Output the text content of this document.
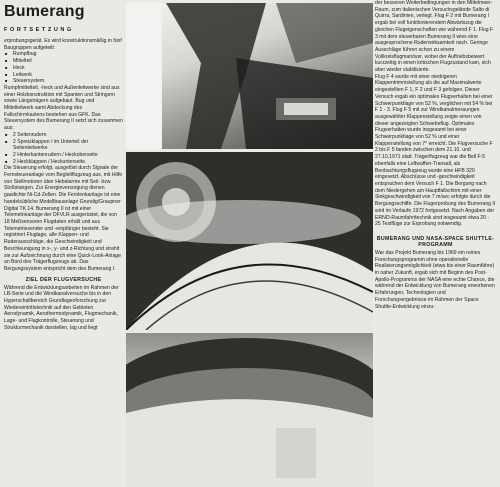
Bumerang
FORTSETZUNG

erprobungsgerät. Es wird konstruktionsmäßig in fünf Baugruppen aufgeteilt:

■ Rumpfbug
■ Mittelteil
■ Heck
■ Leitwerk
■ Steuersystem.

Rumpfmittelteil, -heck und Außenleitwerke sind aus einer Holzkonstruktion mit Spanten und Stringern sowie Längsträgern aufgebaut. Bug und Mittelleitwerk samt Abdeckung des Fallschirmkastens bestehen aus GFK. Das Steuersystem des Bumerang II setzt sich zusammen aus:

■ 2 Seitenrudern
■ 2 Spreizklappen / im Unterteil der Seitenleitwerke
■ 2 Hinterkantenrudern / Heckoberseite
■ 2 Heckklappen / Heckunterseite.

Die Steuerung erfolgt, ausgelöst durch Signale der Fernsteueranlage vom Begleitflugzeug aus, mit Hilfe von Stellmotoren über Hebelarme mit Seil- bzw. Stoßstangen. Zur Energieversorgung dienen gasdichte Ni-Cd-Zellen. Die Fernlenkanlage ist eine handelsübliche Modellbauanlage Grundig/Graupner Digital TK 14. Bumerang II ist mit einer Telemetrieanlage der DFVLR ausgerüstet, die von 18 Meßsensoren Flugdaten erhält und aus Telemetriesender und -empfänger besteht. Sie registriert Fluglage, alle Klappen- und Ruderausschläge, die Geschwindigkeit und Beschleunigung in x-, y- und z-Richtung und strahlt sie zur Aufzeichnung durch eine Quick-Look-Anlage an Bord des Trägerflugzeugs ab. Das Bergungssystem entspricht dem des Bumerang I.

ZIEL DER FLUGVERSUCHE

Während die Entwicklungsarbeiten im Rahmen der LB-Serie und die Windkanalversuche bis in den Hyperschallbereich Grundlagenforschung zur Wiedereintrittstechnik auf den Gebieten Aerodynamik, Aerothermodynamik, Flugmechanik, Lage- und Flugkontrolle, Steuerung und Strukturmechanik darstellen, lag und liegt

der besseren Weiterbedingungen in den Mittelmeer-Raum, zum italienischen Versuchsgelände Salto di Quirra, Sardinien, verlegt. Flug F 2 mit Bumerang I ergab bei voll funktionierendem Abwärtszug die gleichen Flugeigenschaften wie während F 1. Flug F 3 mit dem steuerbaren Bumerang II wies eine ausgesprochene Ruderwirksamkeit nach. Geringe Ausschläge führen schon zu einem Vollkreisflugmanöver, wobei der Auftriebsbeiwert kurzzeitig in einen kritischen Flugzustand kam, sich aber wieder stabilisierte.

Flug F 4 wurde mit einer niedrigeren Klappentrimmstellung als die auf Maximalwerte eingestellten F 1, F 2 und F 3 gefolgen. Dieser Versuch ergab ein optimales Flugverhalten bei einer Schwerpunktlage von 52 %, verglichen mit 54 % bei F 1 - 3. Flug F 5 mit zur Windkanalmessungen ausgewählter Klappenstellung zeigte einen von dieser angezeigten Schwebeflug. Optimales Flugverhalten wurde insgesamt bei einer Schwerpunktlage von 52 % und einer Klappenstellung von 7° erreicht. Die Flugversuche F 2 bis F 5 fanden zwischen dem 21.10. und 27.10.1971 statt. Trägerflugzeug war die Bell F-5 ebenfalls eine Luftwaffen-Transall, als Beobachtungsflugzeug wurde eine HFB 320 eingesetzt. Abschüsse und -geschwindigkeit entsprachen dem Versuch F 1. Die Bergung nach dem Niedergehen am Hauptfallschirm mit einer Sinkgeschwindigkeit von 7 m/sec erfolgte durch die Bergungsschiffe. Die Flugerprobung des Bumerang II wird im Verlaufe 1972 fortgesetzt. Nach Angaben der ERNO-Raumfahrttechnik sind insgesamt etwa 20 - 25 Testflüge zur Erprobung notwendig.

BUMERANG UND NASA-SPACE SHUTTLE-PROGRAMM

War das Projekt Bumerang bis 1969 ein reines Forschungsprogramm ohne operationelle Realisierungsmöglichkeit (etwa bis einer Raumfähre) in naher Zukunft, ergab sich mit Beginn des Post-Apollo-Programms der NASA eine echte Chance, die während der Entwicklung von Bumerang erworbenen Erfahrungen, Technologien und Forschungsergebnisse im Rahmen der Space Shuttle-Entwicklung einzu-
